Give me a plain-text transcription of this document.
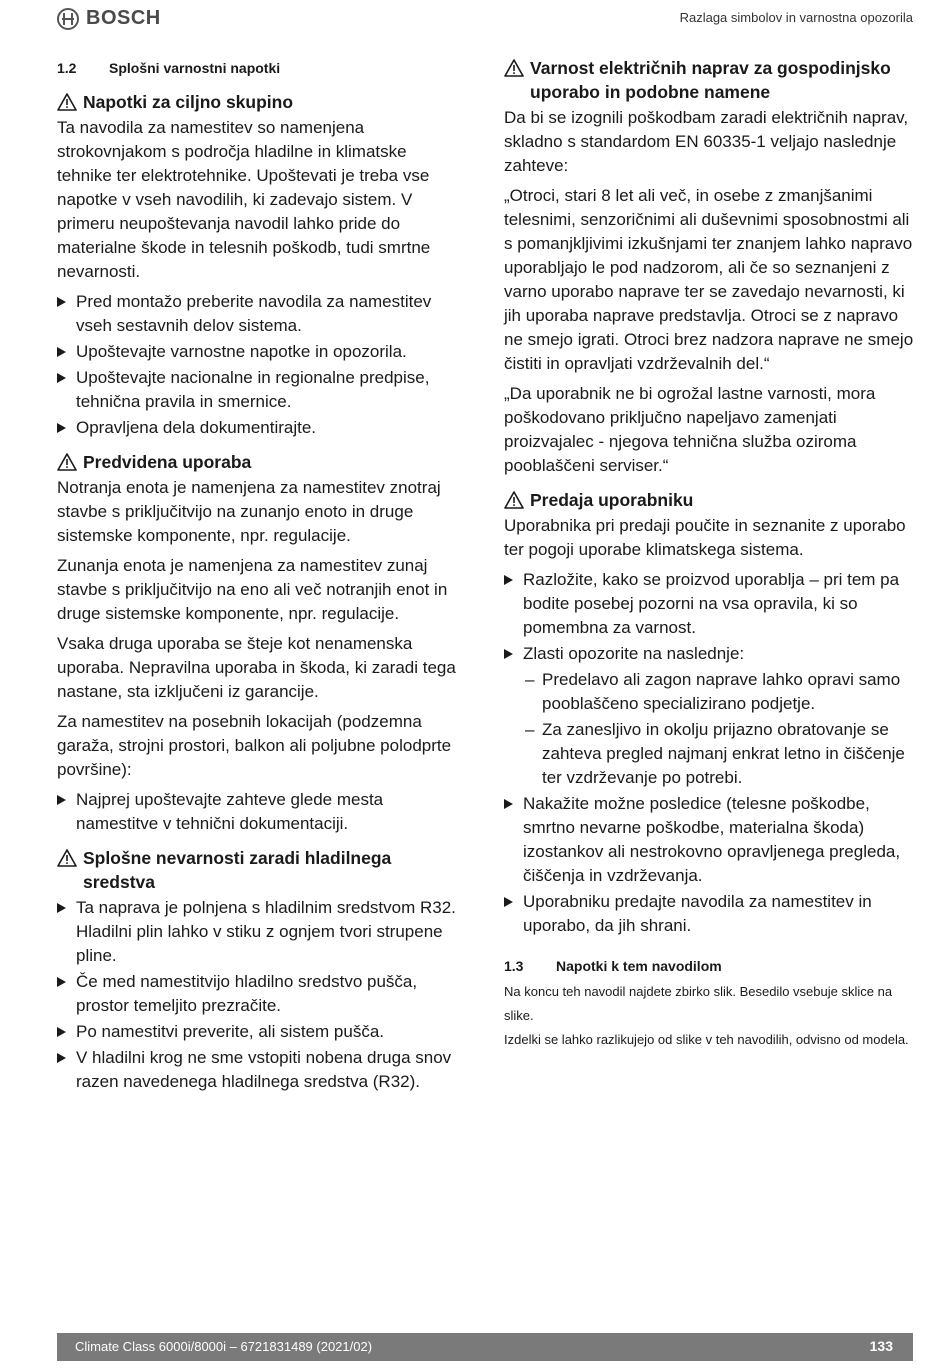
BOSCH	Razlaga simbolov in varnostna opozorila
1.2	Splošni varnostni napotki
Napotki za ciljno skupino

Ta navodila za namestitev so namenjena strokovnjakom s področja hladilne in klimatske tehnike ter elektrotehnike. Upoštevati je treba vse napotke v vseh navodilih, ki zadevajo sistem. V primeru neupoštevanja navodil lahko pride do materialne škode in telesnih poškodb, tudi smrtne nevarnosti.

Pred montažo preberite navodila za namestitev vseh sestavnih delov sistema.
Upoštevajte varnostne napotke in opozorila.
Upoštevajte nacionalne in regionalne predpise, tehnična pravila in smernice.
Opravljena dela dokumentirajte.
Predvidena uporaba

Notranja enota je namenjena za namestitev znotraj stavbe s priključitvijo na zunanjo enoto in druge sistemske komponente, npr. regulacije.

Zunanja enota je namenjena za namestitev zunaj stavbe s priključitvijo na eno ali več notranjih enot in druge sistemske komponente, npr. regulacije.

Vsaka druga uporaba se šteje kot nenamenska uporaba. Nepravilna uporaba in škoda, ki zaradi tega nastane, sta izključeni iz garancije.

Za namestitev na posebnih lokacijah (podzemna garaža, strojni prostori, balkon ali poljubne polodprte površine):

Najprej upoštevajte zahteve glede mesta namestitve v tehnični dokumentaciji.
Splošne nevarnosti zaradi hladilnega sredstva
Ta naprava je polnjena s hladilnim sredstvom R32. Hladilni plin lahko v stiku z ognjem tvori strupene pline.
Če med namestitvijo hladilno sredstvo pušča, prostor temeljito prezračite.
Po namestitvi preverite, ali sistem pušča.
V hladilni krog ne sme vstopiti nobena druga snov razen navedenega hladilnega sredstva (R32).
Varnost električnih naprav za gospodinjsko uporabo in podobne namene

Da bi se izognili poškodbam zaradi električnih naprav, skladno s standardom EN 60335-1 veljajo naslednje zahteve:

„Otroci, stari 8 let ali več, in osebe z zmanjšanimi telesnimi, senzoričnimi ali duševnimi sposobnostmi ali s pomanjkljivimi izkušnjami ter znanjem lahko napravo uporabljajo le pod nadzorom, ali če so seznanjeni z varno uporabo naprave ter se zavedajo nevarnosti, ki jih uporaba naprave predstavlja. Otroci se z napravo ne smejo igrati. Otroci brez nadzora naprave ne smejo čistiti in opravljati vzdrževalnih del.“

„Da uporabnik ne bi ogrožal lastne varnosti, mora poškodovano priključno napeljavo zamenjati proizvajalec - njegova tehnična služba oziroma pooblaščeni serviser.“

Predaja uporabniku

Uporabnika pri predaji poučite in seznanite z uporabo ter pogoji uporabe klimatskega sistema.

Razložite, kako se proizvod uporablja – pri tem pa bodite posebej pozorni na vsa opravila, ki so pomembna za varnost.
Zlasti opozorite na naslednje:
– Predelavo ali zagon naprave lahko opravi samo pooblaščeno specializirano podjetje.
– Za zanesljivo in okolju prijazno obratovanje se zahteva pregled najmanj enkrat letno in čiščenje ter vzdrževanje po potrebi.
Nakažite možne posledice (telesne poškodbe, smrtno nevarne poškodbe, materialna škoda) izostankov ali nestrokovno opravljenega pregleda, čiščenja in vzdrževanja.
Uporabniku predajte navodila za namestitev in uporabo, da jih shrani.
1.3	Napotki k tem navodilom

Na koncu teh navodil najdete zbirko slik. Besedilo vsebuje sklice na slike.

Izdelki se lahko razlikujejo od slike v teh navodilih, odvisno od modela.

Climate Class 6000i/8000i – 6721831489 (2021/02)	133
